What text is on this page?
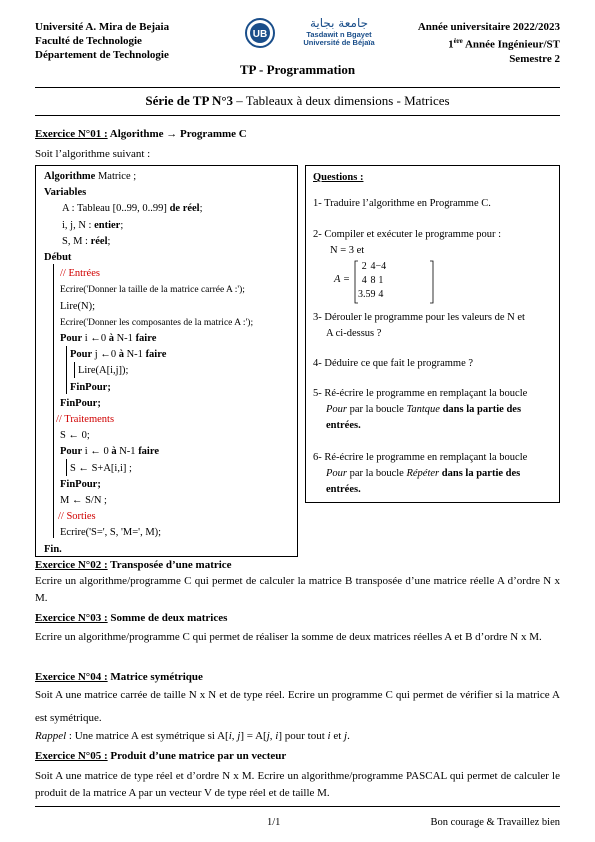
Université A. Mira de Bejaia
Faculté de Technologie
Département de Technologie
UB
جامعة بجاية
Tasdawit n Bgayet
Université de Béjaïa
Année universitaire 2022/2023
1ère Année Ingénieur/ST
Semestre 2
TP - Programmation
Série de TP N°3 – Tableaux à deux dimensions - Matrices
Exercice N°01 : Algorithme → Programme C
Soit l’algorithme suivant :
Algorithme Matrice ;
Variables
A : Tableau [0..99, 0..99] de réel;
i, j, N : entier;
S, M : réel;
Début
// Entrées
Ecrire('Donner la taille de la matrice carrée A :');
Lire(N);
Ecrire('Donner les composantes de la matrice A :');
Pour i ←0 à N-1 faire
Pour j ←0 à N-1 faire
Lire(A[i,j]);
FinPour;
FinPour;
// Traitements
S ← 0;
Pour i ← 0 à N-1 faire
S ← S+A[i,i] ;
FinPour;
M ← S/N ;
// Sorties
Ecrire('S=', S, 'M=', M);
Fin.
Questions :
1- Traduire l’algorithme en Programme C.
2- Compiler et exécuter le programme pour :
N = 3 et
A =
2	4	−4
4	8	1
3.5	9	4
3- Dérouler le programme pour les valeurs de N et
A ci-dessus ?
4- Déduire ce que fait le programme ?
5- Ré-écrire le programme en remplaçant la boucle
Pour par la boucle Tantque dans la partie des
entrées.
6- Ré-écrire le programme en remplaçant la boucle
Pour par la boucle Répéter dans la partie des
entrées.
Exercice N°02 : Transposée d’une matrice
Ecrire un algorithme/programme C qui permet de calculer la matrice B transposée d’une matrice réelle A d’ordre N x M.
Exercice N°03 : Somme de deux matrices
Ecrire un algorithme/programme C qui permet de réaliser la somme de deux matrices réelles A et B d’ordre N x M.
Exercice N°04 : Matrice symétrique
Soit A une matrice carrée de taille N x N et de type réel. Ecrire un programme C qui permet de vérifier si la matrice A est symétrique.
Rappel : Une matrice A est symétrique si A[i, j] = A[j, i] pour tout i et j.
Exercice N°05 : Produit d’une matrice par un vecteur
Soit A une matrice de type réel et d’ordre N x M. Ecrire un algorithme/programme PASCAL qui permet de calculer le produit de la matrice A par un vecteur V de type réel et de taille M.
1/1	Bon courage & Travaillez bien
